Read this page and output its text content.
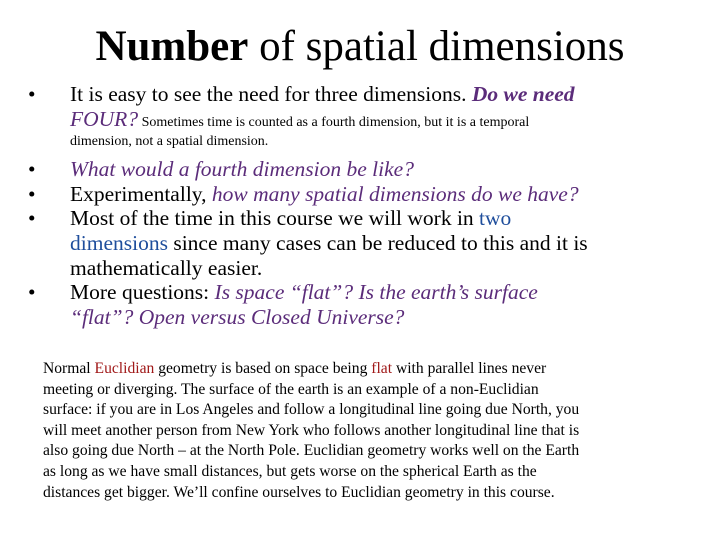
Number of spatial dimensions
• It is easy to see the need for three dimensions. Do we need
FOUR? Sometimes time is counted as a fourth dimension, but it is a temporal
dimension, not a spatial dimension.
• What would a fourth dimension be like?
• Experimentally, how many spatial dimensions do we have?
• Most of the time in this course we will work in two
dimensions since many cases can be reduced to this and it is
mathematically easier.
• More questions: Is space “flat”? Is the earth’s surface
“flat”? Open versus Closed Universe?
Normal Euclidian geometry is based on space being flat with parallel lines never
meeting or diverging. The surface of the earth is an example of a non-Euclidian
surface: if you are in Los Angeles and follow a longitudinal line going due North, you
will meet another person from New York who follows another longitudinal line that is
also going due North – at the North Pole. Euclidian geometry works well on the Earth
as long as we have small distances, but gets worse on the spherical Earth as the
distances get bigger. We’ll confine ourselves to Euclidian geometry in this course.
